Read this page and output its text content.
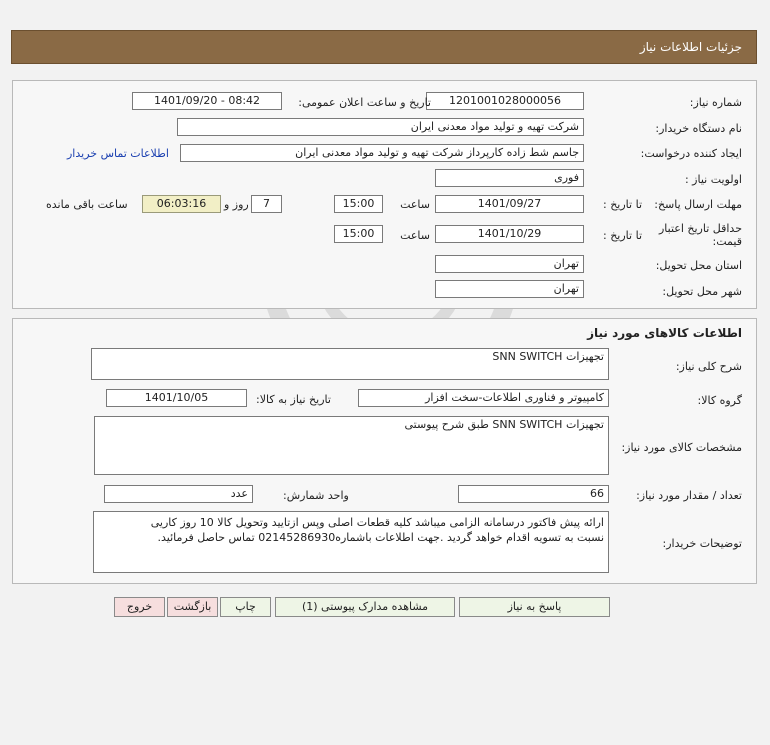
جزئیات اطلاعات نیاز
شماره نیاز:
1201001028000056
تاریخ و ساعت اعلان عمومی:
1401/09/20 - 08:42
نام دستگاه خریدار:
شرکت تهیه و تولید مواد معدنی ایران
ایجاد کننده درخواست:
جاسم شط زاده کارپرداز شرکت تهیه و تولید مواد معدنی ایران
اطلاعات تماس خریدار
اولویت نیاز :
فوری
مهلت ارسال پاسخ:
تا تاریخ :
1401/09/27
ساعت
15:00
7
روز و
06:03:16
ساعت باقی مانده
حداقل تاریخ اعتبار قیمت:
تا تاریخ :
1401/10/29
ساعت
15:00
استان محل تحویل:
تهران
شهر محل تحویل:
تهران
اطلاعات کالاهای مورد نیاز
شرح کلی نیاز:
تجهیزات SNN SWITCH
گروه کالا:
کامپیوتر و فناوری اطلاعات-سخت افزار
تاریخ نیاز به کالا:
1401/10/05
مشخصات کالای مورد نیاز:
تجهیزات SNN SWITCH طبق شرح پیوستی
تعداد / مقدار مورد نیاز:
66
واحد شمارش:
عدد
توضیحات خریدار:
ارائه پیش فاکتور درسامانه الزامی میباشد کلیه قطعات اصلی وپس ازتایید وتحویل کالا 10 روز کاریی
نسبت به تسویه اقدام خواهد گردید .جهت اطلاعات باشماره02145286930 تماس حاصل فرمائید.
پاسخ به نیاز
مشاهده مدارک پیوستی (1)
چاپ
بازگشت
خروج
